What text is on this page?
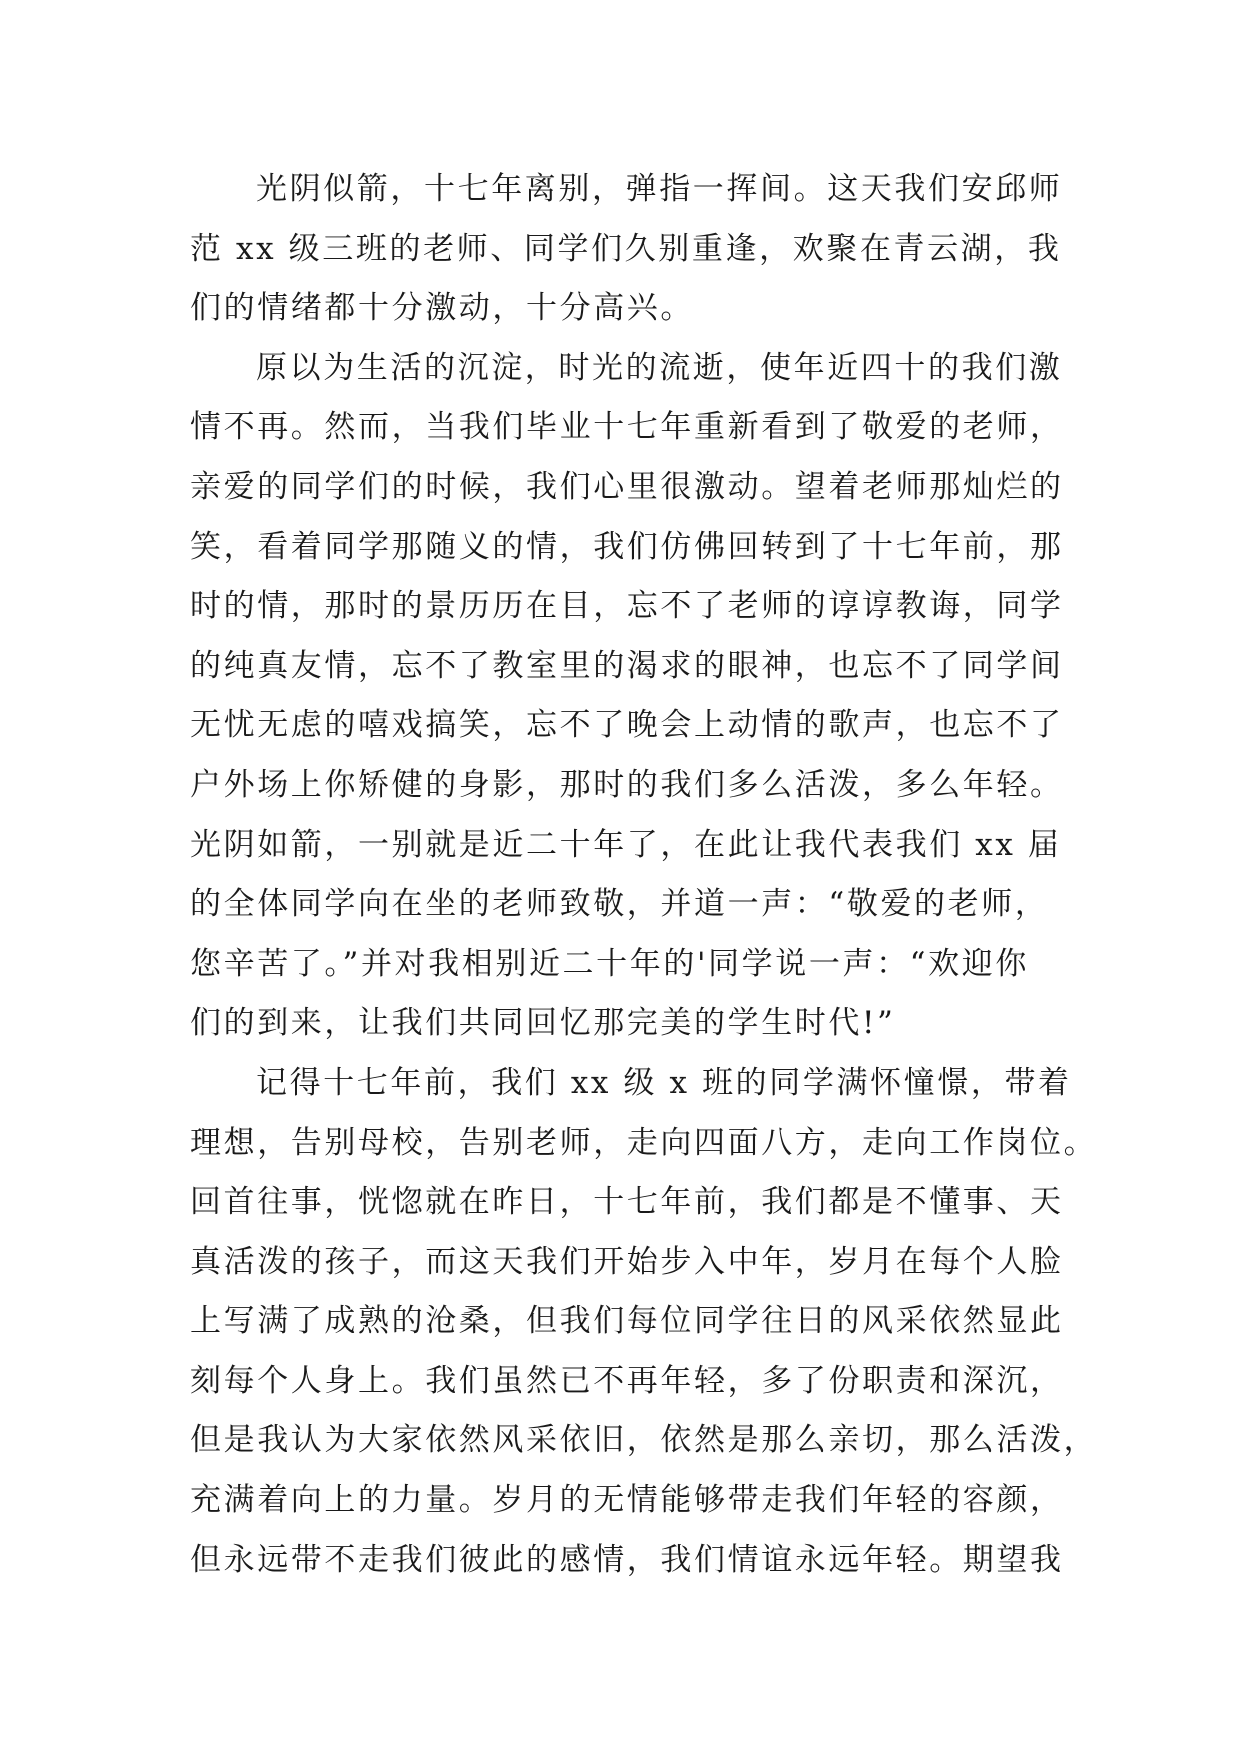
光阴似箭，十七年离别，弹指一挥间。这天我们安邱师
范 xx 级三班的老师、同学们久别重逢，欢聚在青云湖，我
们的情绪都十分激动，十分高兴。
原以为生活的沉淀，时光的流逝，使年近四十的我们激
情不再。然而，当我们毕业十七年重新看到了敬爱的老师，
亲爱的同学们的时候，我们心里很激动。望着老师那灿烂的
笑，看着同学那随义的情，我们仿佛回转到了十七年前，那
时的情，那时的景历历在目，忘不了老师的谆谆教诲，同学
的纯真友情，忘不了教室里的渴求的眼神，也忘不了同学间
无忧无虑的嘻戏搞笑，忘不了晚会上动情的歌声，也忘不了
户外场上你矫健的身影，那时的我们多么活泼，多么年轻。
光阴如箭，一别就是近二十年了，在此让我代表我们 xx 届
的全体同学向在坐的老师致敬，并道一声：“敬爱的老师，
您辛苦了。”并对我相别近二十年的'同学说一声：“欢迎你
们的到来，让我们共同回忆那完美的学生时代!”
记得十七年前，我们 xx 级 x 班的同学满怀憧憬，带着
理想，告别母校，告别老师，走向四面八方，走向工作岗位。
回首往事，恍惚就在昨日，十七年前，我们都是不懂事、天
真活泼的孩子，而这天我们开始步入中年，岁月在每个人脸
上写满了成熟的沧桑，但我们每位同学往日的风采依然显此
刻每个人身上。我们虽然已不再年轻，多了份职责和深沉，
但是我认为大家依然风采依旧，依然是那么亲切，那么活泼，
充满着向上的力量。岁月的无情能够带走我们年轻的容颜，
但永远带不走我们彼此的感情，我们情谊永远年轻。期望我
